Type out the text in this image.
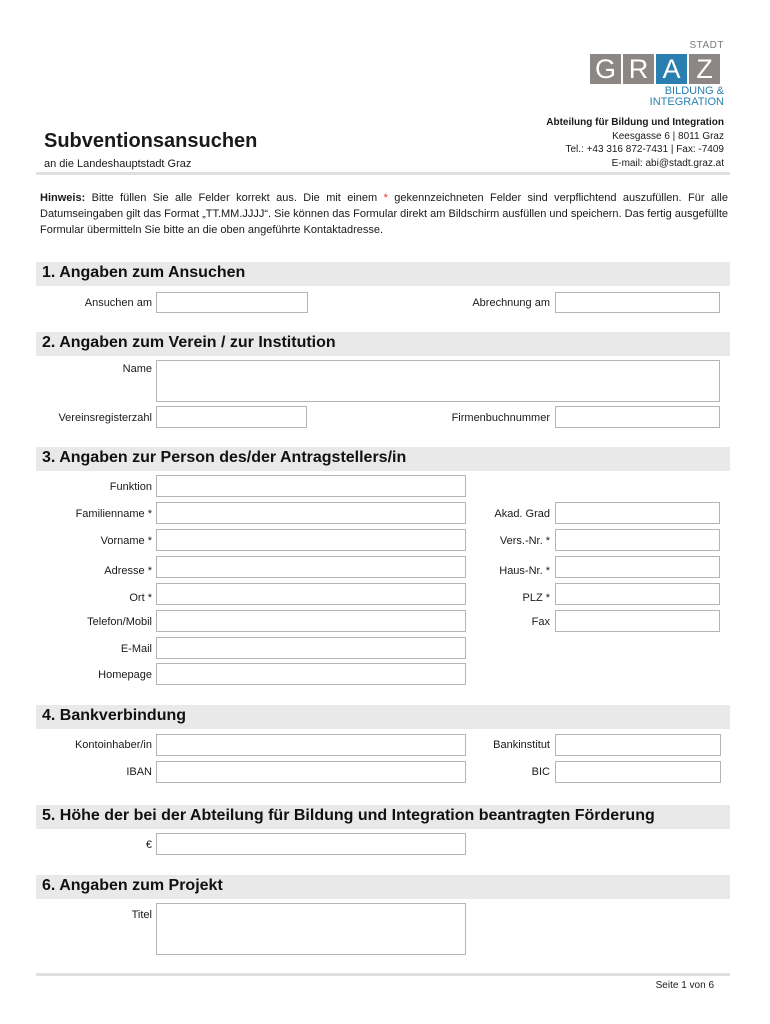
STADT
G R A Z
BILDUNG &
INTEGRATION
Abteilung für Bildung und Integration
Keesgasse 6 | 8011 Graz
Tel.: +43 316 872-7431 | Fax: -7409
E-mail: abi@stadt.graz.at
Subventionsansuchen
an die Landeshauptstadt Graz
Hinweis: Bitte füllen Sie alle Felder korrekt aus. Die mit einem * gekennzeichneten Felder sind verpflichtend auszufüllen. Für alle Datumseingaben gilt das Format „TT.MM.JJJJ“. Sie können das Formular direkt am Bildschirm ausfüllen und speichern. Das fertig ausgefüllte Formular übermitteln Sie bitte an die oben angeführte Kontaktadresse.
1. Angaben zum Ansuchen
Ansuchen am	Abrechnung am
2. Angaben zum Verein / zur Institution
Name
Vereinsregisterzahl	Firmenbuchnummer
3. Angaben zur Person des/der Antragstellers/in
Funktion
Familienname *	Akad. Grad
Vorname *	Vers.-Nr. *
Adresse *	Haus-Nr. *
Ort *	PLZ *
Telefon/Mobil	Fax
E-Mail
Homepage
4. Bankverbindung
Kontoinhaber/in	Bankinstitut
IBAN	BIC
5. Höhe der bei der Abteilung für Bildung und Integration beantragten Förderung
€
6. Angaben zum Projekt
Titel
Seite 1 von 6
